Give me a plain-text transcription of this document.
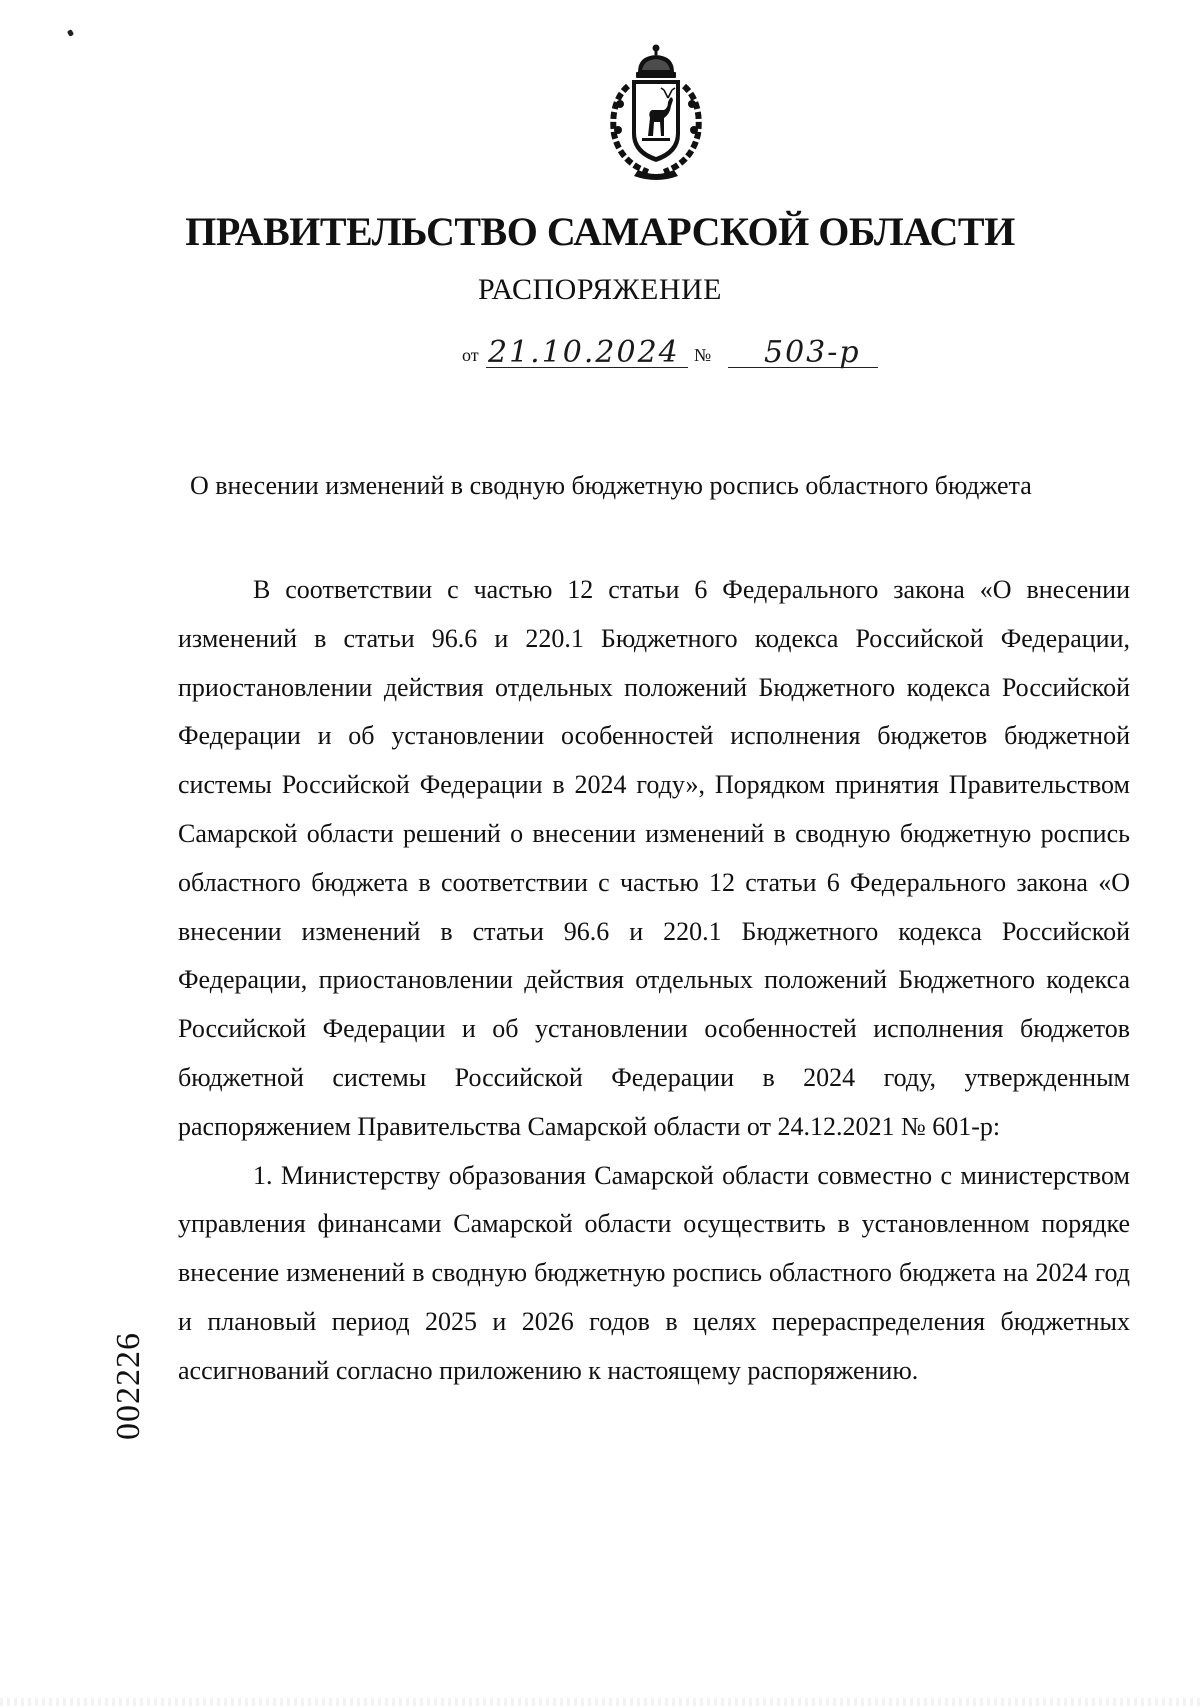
ПРАВИТЕЛЬСТВО САМАРСКОЙ ОБЛАСТИ
РАСПОРЯЖЕНИЕ
от 21.10.2024 № 503-р
О внесении изменений в сводную бюджетную роспись областного бюджета

В соответствии с частью 12 статьи 6 Федерального закона «О внесении изменений в статьи 96.6 и 220.1 Бюджетного кодекса Российской Федерации, приостановлении действия отдельных положений Бюджетного кодекса Российской Федерации и об установлении особенностей исполнения бюджетов бюджетной системы Российской Федерации в 2024 году», Порядком принятия Правительством Самарской области решений о внесении изменений в сводную бюджетную роспись областного бюджета в соответствии с частью 12 статьи 6 Федерального закона «О внесении изменений в статьи 96.6 и 220.1 Бюджетного кодекса Российской Федерации, приостановлении действия отдельных положений Бюджетного кодекса Российской Федерации и об установлении особенностей исполнения бюджетов бюджетной системы Российской Федерации в 2024 году, утвержденным распоряжением Правительства Самарской области от 24.12.2021 № 601-р:

1. Министерству образования Самарской области совместно с министерством управления финансами Самарской области осуществить в установленном порядке внесение изменений в сводную бюджетную роспись областного бюджета на 2024 год и плановый период 2025 и 2026 годов в целях перераспределения бюджетных ассигнований согласно приложению к настоящему распоряжению.

002226
